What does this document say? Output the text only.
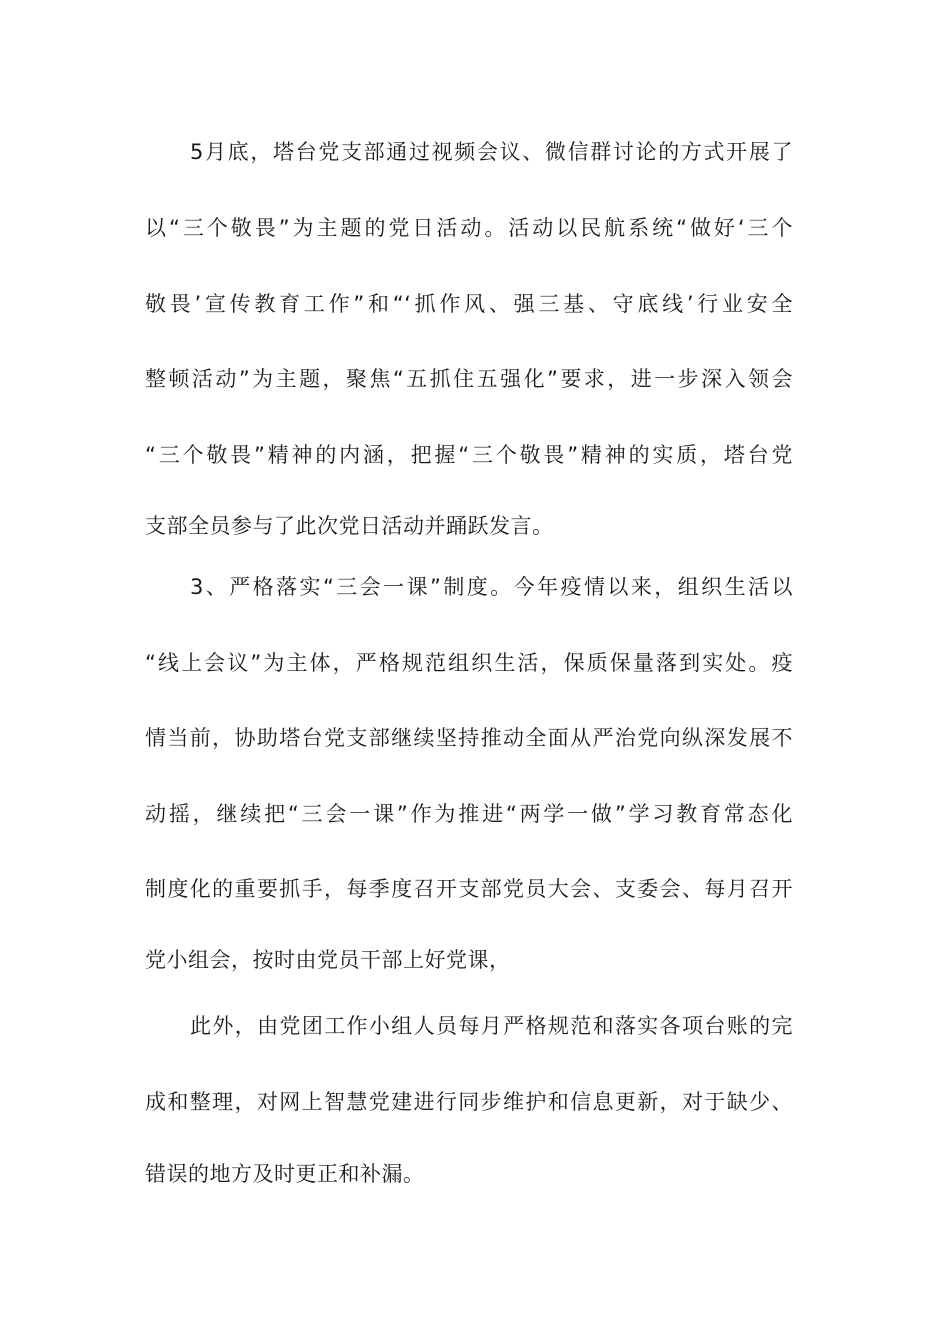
5月底，塔台党支部通过视频会议、微信群讨论的方式开展了
以“三个敬畏”为主题的党日活动。活动以民航系统“做好‘三个
敬畏’宣传教育工作”和“‘抓作风、强三基、守底线’行业安全
整顿活动”为主题，聚焦“五抓住五强化”要求，进一步深入领会
“三个敬畏”精神的内涵，把握“三个敬畏”精神的实质，塔台党
支部全员参与了此次党日活动并踊跃发言。
3、严格落实“三会一课”制度。今年疫情以来，组织生活以
“线上会议”为主体，严格规范组织生活，保质保量落到实处。疫
情当前，协助塔台党支部继续坚持推动全面从严治党向纵深发展不
动摇，继续把“三会一课”作为推进“两学一做”学习教育常态化
制度化的重要抓手，每季度召开支部党员大会、支委会、每月召开
党小组会，按时由党员干部上好党课，
此外，由党团工作小组人员每月严格规范和落实各项台账的完
成和整理，对网上智慧党建进行同步维护和信息更新，对于缺少、
错误的地方及时更正和补漏。
